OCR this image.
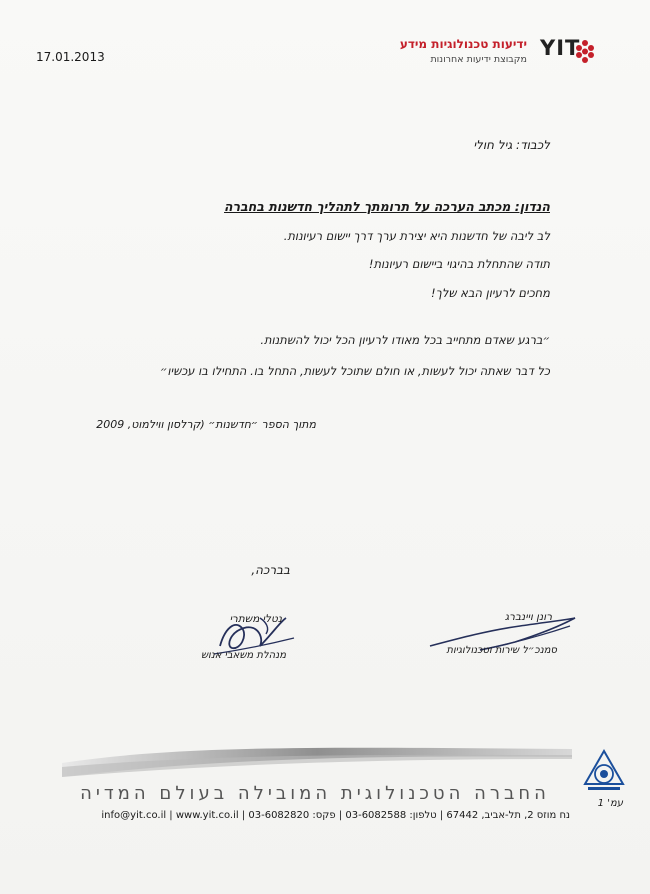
17.01.2013	YIT
ידיעות טכנולוגיות מידע
מקבוצת ידיעות אחרונות
לכבוד: גיל חולי
הנדון: מכתב הערכה על תרומתך לתהליך חדשנות בחברה
לב ליבה של חדשנות היא יצירת ערך דרך יישום רעיונות.
תודה שהתחלת בהיגוי ביישום רעיונות!
מחכים לרעיון הבא שלך!
״ברגע שאדם מתחייב בכל מאודו לרעיון הכל יכול להשתנות.
כל דבר שאתה יכול לעשות, או חולם שתוכל לעשות, התחל בו. התחילו בו עכשיו״
מתוך הספר ״חדשנות״ (קרלסון ווילמוט, 2009
בברכה,
רונן ויינברג
סמנכ״ל שירות וטכנולוגיות
נטלי משתרי
מנהלת משאבי אנוש
החברה הטכנולוגית המובילה בעולם המדיה
נח מוזס 2, תל-אביב, 67442 | טלפון: 03-6082588 | פקס: 03-6082820 | info@yit.co.il | www.yit.co.il
עמ' 1
